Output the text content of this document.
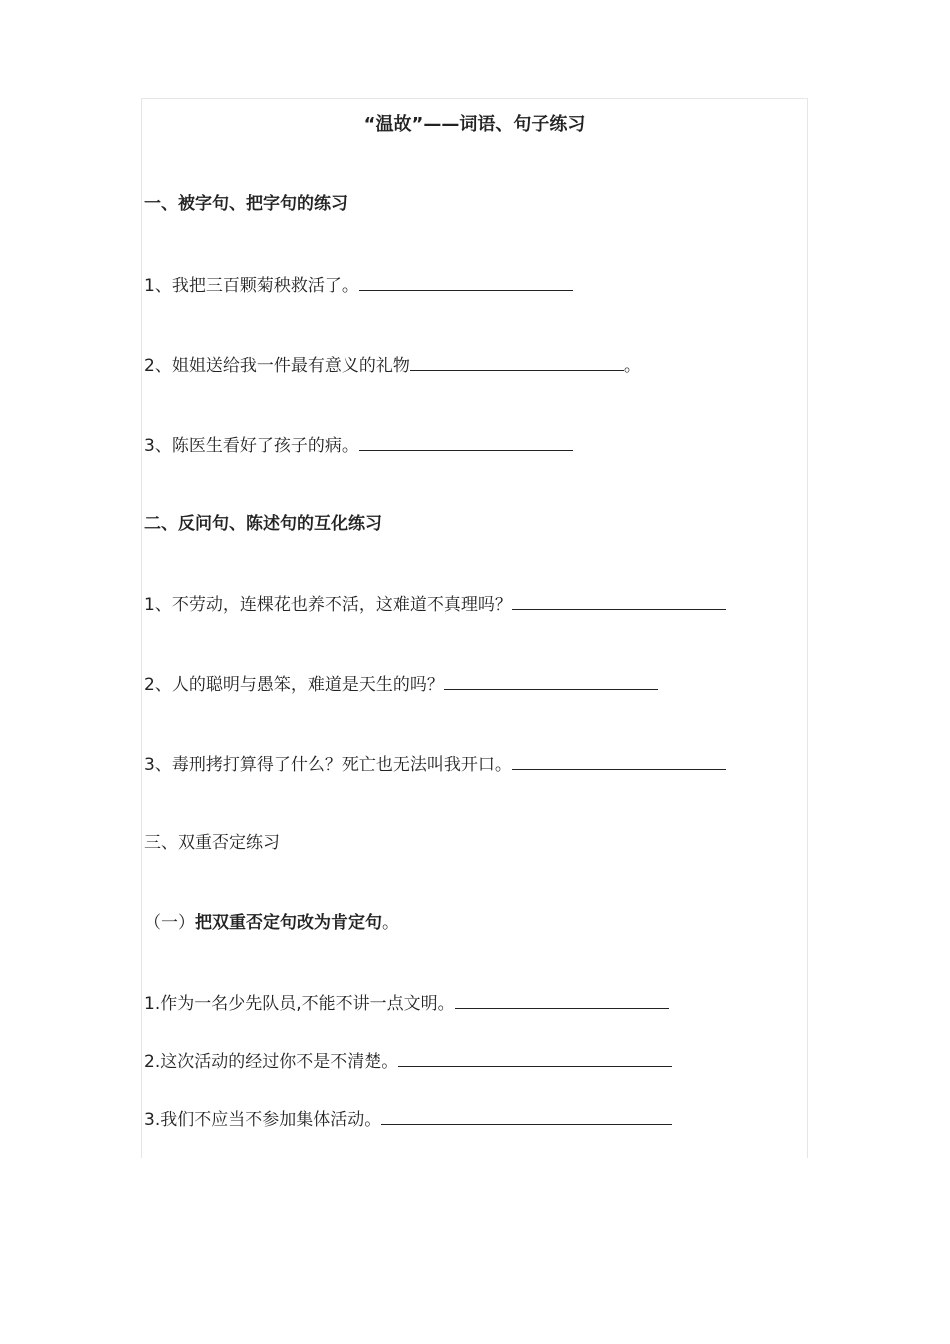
“温故”——词语、句子练习
一、被字句、把字句的练习
1、我把三百颗菊秧救活了。
2、姐姐送给我一件最有意义的礼物	。
3、陈医生看好了孩子的病。
二、反问句、陈述句的互化练习
1、不劳动，连棵花也养不活，这难道不真理吗？
2、人的聪明与愚笨，难道是天生的吗？
3、毒刑拷打算得了什么？死亡也无法叫我开口。
三、双重否定练习
（一）把双重否定句改为肯定句。
1.作为一名少先队员,不能不讲一点文明。
2.这次活动的经过你不是不清楚。
3.我们不应当不参加集体活动。
